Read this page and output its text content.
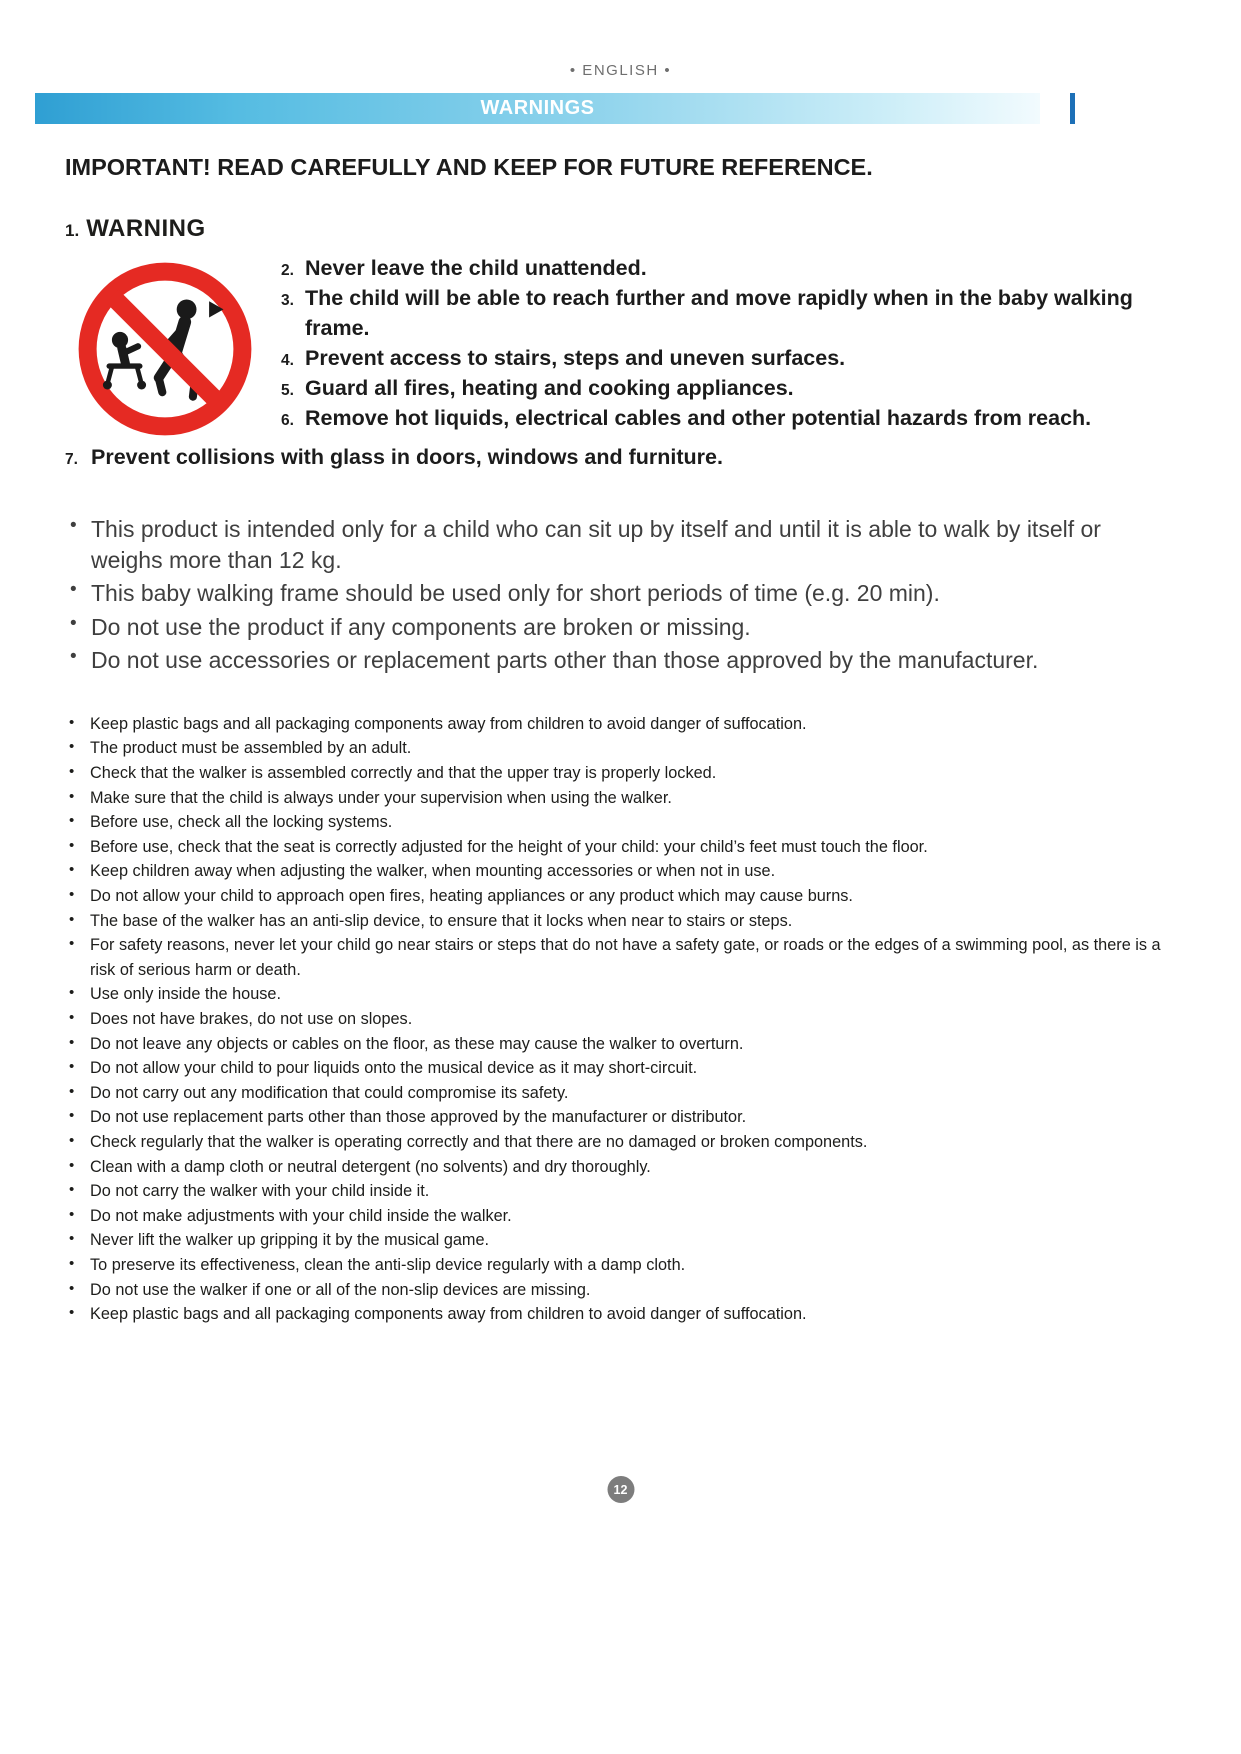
• ENGLISH •
WARNINGS
IMPORTANT! READ CAREFULLY AND KEEP FOR FUTURE REFERENCE.
1. WARNING
2. Never leave the child unattended.
3. The child will be able to reach further and move rapidly when in the baby walking frame.
4. Prevent access to stairs, steps and uneven surfaces.
5. Guard all fires, heating and cooking appliances.
6. Remove hot liquids, electrical cables and other potential hazards from reach.
7. Prevent collisions with glass in doors, windows and furniture.
• This product is intended only for a child who can sit up by itself and until it is able to walk by itself or weighs more than 12 kg.
• This baby walking frame should be used only for short periods of time (e.g. 20 min).
• Do not use the product if any components are broken or missing.
• Do not use accessories or replacement parts other than those approved by the manufacturer.
• Keep plastic bags and all packaging components away from children to avoid danger of suffocation.
• The product must be assembled by an adult.
• Check that the walker is assembled correctly and that the upper tray is properly locked.
• Make sure that the child is always under your supervision when using the walker.
• Before use, check all the locking systems.
• Before use, check that the seat is correctly adjusted for the height of your child: your child’s feet must touch the floor.
• Keep children away when adjusting the walker, when mounting accessories or when not in use.
• Do not allow your child to approach open fires, heating appliances or any product which may cause burns.
• The base of the walker has an anti-slip device, to ensure that it locks when near to stairs or steps.
• For safety reasons, never let your child go near stairs or steps that do not have a safety gate, or roads or the edges of a swimming pool, as there is a risk of serious harm or death.
• Use only inside the house.
• Does not have brakes, do not use on slopes.
• Do not leave any objects or cables on the floor, as these may cause the walker to overturn.
• Do not allow your child to pour liquids onto the musical device as it may short-circuit.
• Do not carry out any modification that could compromise its safety.
• Do not use replacement parts other than those approved by the manufacturer or distributor.
• Check regularly that the walker is operating correctly and that there are no damaged or broken components.
• Clean with a damp cloth or neutral detergent (no solvents) and dry thoroughly.
• Do not carry the walker with your child inside it.
• Do not make adjustments with your child inside the walker.
• Never lift the walker up gripping it by the musical game.
• To preserve its effectiveness, clean the anti-slip device regularly with a damp cloth.
• Do not use the walker if one or all of the non-slip devices are missing.
• Keep plastic bags and all packaging components away from children to avoid danger of suffocation.
12
